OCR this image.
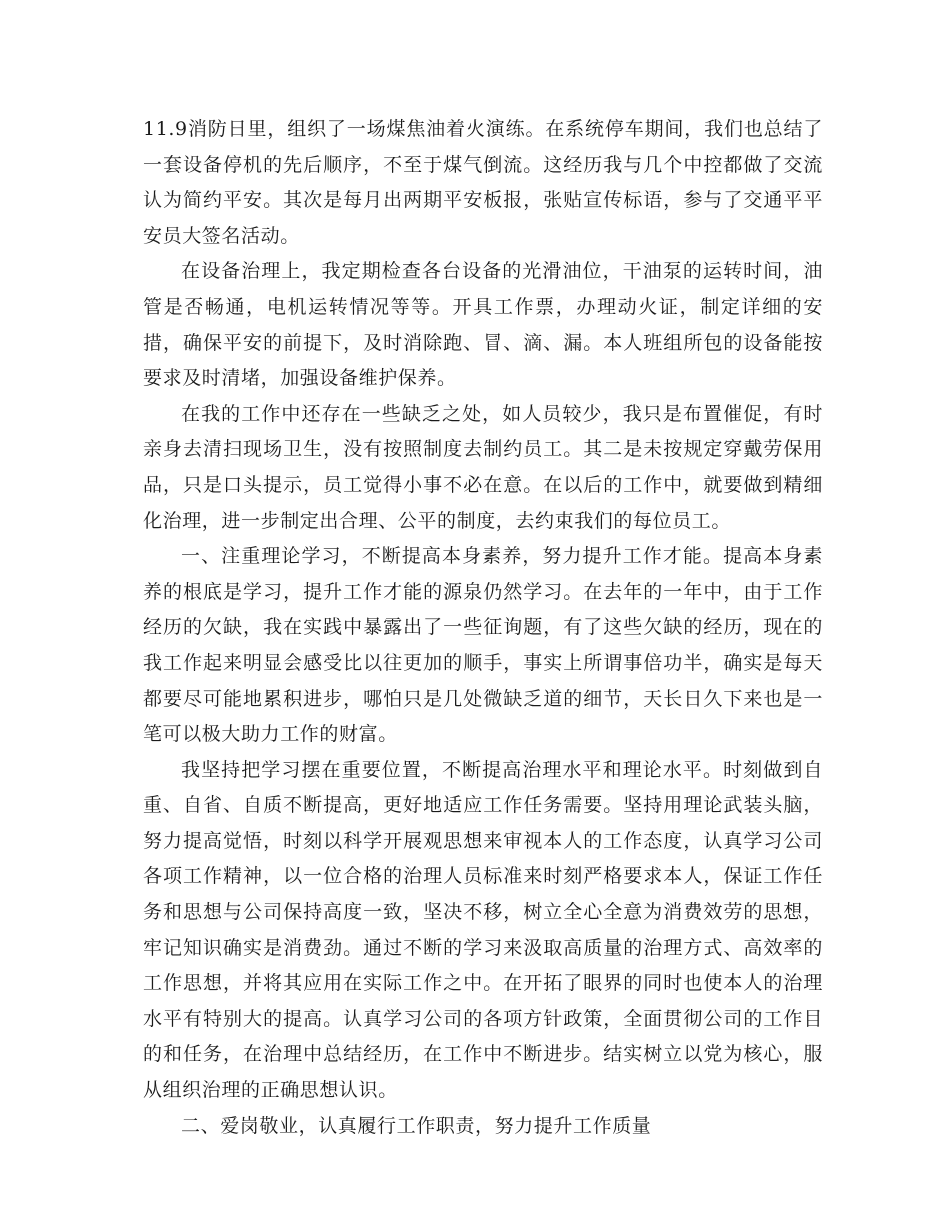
11.9消防日里，组织了一场煤焦油着火演练。在系统停车期间，我们也总结了一套设备停机的先后顺序，不至于煤气倒流。这经历我与几个中控都做了交流认为简约平安。其次是每月出两期平安板报，张贴宣传标语，参与了交通平平安员大签名活动。

在设备治理上，我定期检查各台设备的光滑油位，干油泵的运转时间，油管是否畅通，电机运转情况等等。开具工作票，办理动火证，制定详细的安措，确保平安的前提下，及时消除跑、冒、滴、漏。本人班组所包的设备能按要求及时清堵，加强设备维护保养。

在我的工作中还存在一些缺乏之处，如人员较少，我只是布置催促，有时亲身去清扫现场卫生，没有按照制度去制约员工。其二是未按规定穿戴劳保用品，只是口头提示，员工觉得小事不必在意。在以后的工作中，就要做到精细化治理，进一步制定出合理、公平的制度，去约束我们的每位员工。

一、注重理论学习，不断提高本身素养，努力提升工作才能。提高本身素养的根底是学习，提升工作才能的源泉仍然学习。在去年的一年中，由于工作经历的欠缺，我在实践中暴露出了一些征询题，有了这些欠缺的经历，现在的我工作起来明显会感受比以往更加的顺手，事实上所谓事倍功半，确实是每天都要尽可能地累积进步，哪怕只是几处微缺乏道的细节，天长日久下来也是一笔可以极大助力工作的财富。

我坚持把学习摆在重要位置，不断提高治理水平和理论水平。时刻做到自重、自省、自质不断提高，更好地适应工作任务需要。坚持用理论武装头脑，努力提高觉悟，时刻以科学开展观思想来审视本人的工作态度，认真学习公司各项工作精神，以一位合格的治理人员标准来时刻严格要求本人，保证工作任务和思想与公司保持高度一致，坚决不移，树立全心全意为消费效劳的思想，牢记知识确实是消费劲。通过不断的学习来汲取高质量的治理方式、高效率的工作思想，并将其应用在实际工作之中。在开拓了眼界的同时也使本人的治理水平有特别大的提高。认真学习公司的各项方针政策，全面贯彻公司的工作目的和任务，在治理中总结经历，在工作中不断进步。结实树立以党为核心，服从组织治理的正确思想认识。

二、爱岗敬业，认真履行工作职责，努力提升工作质量
